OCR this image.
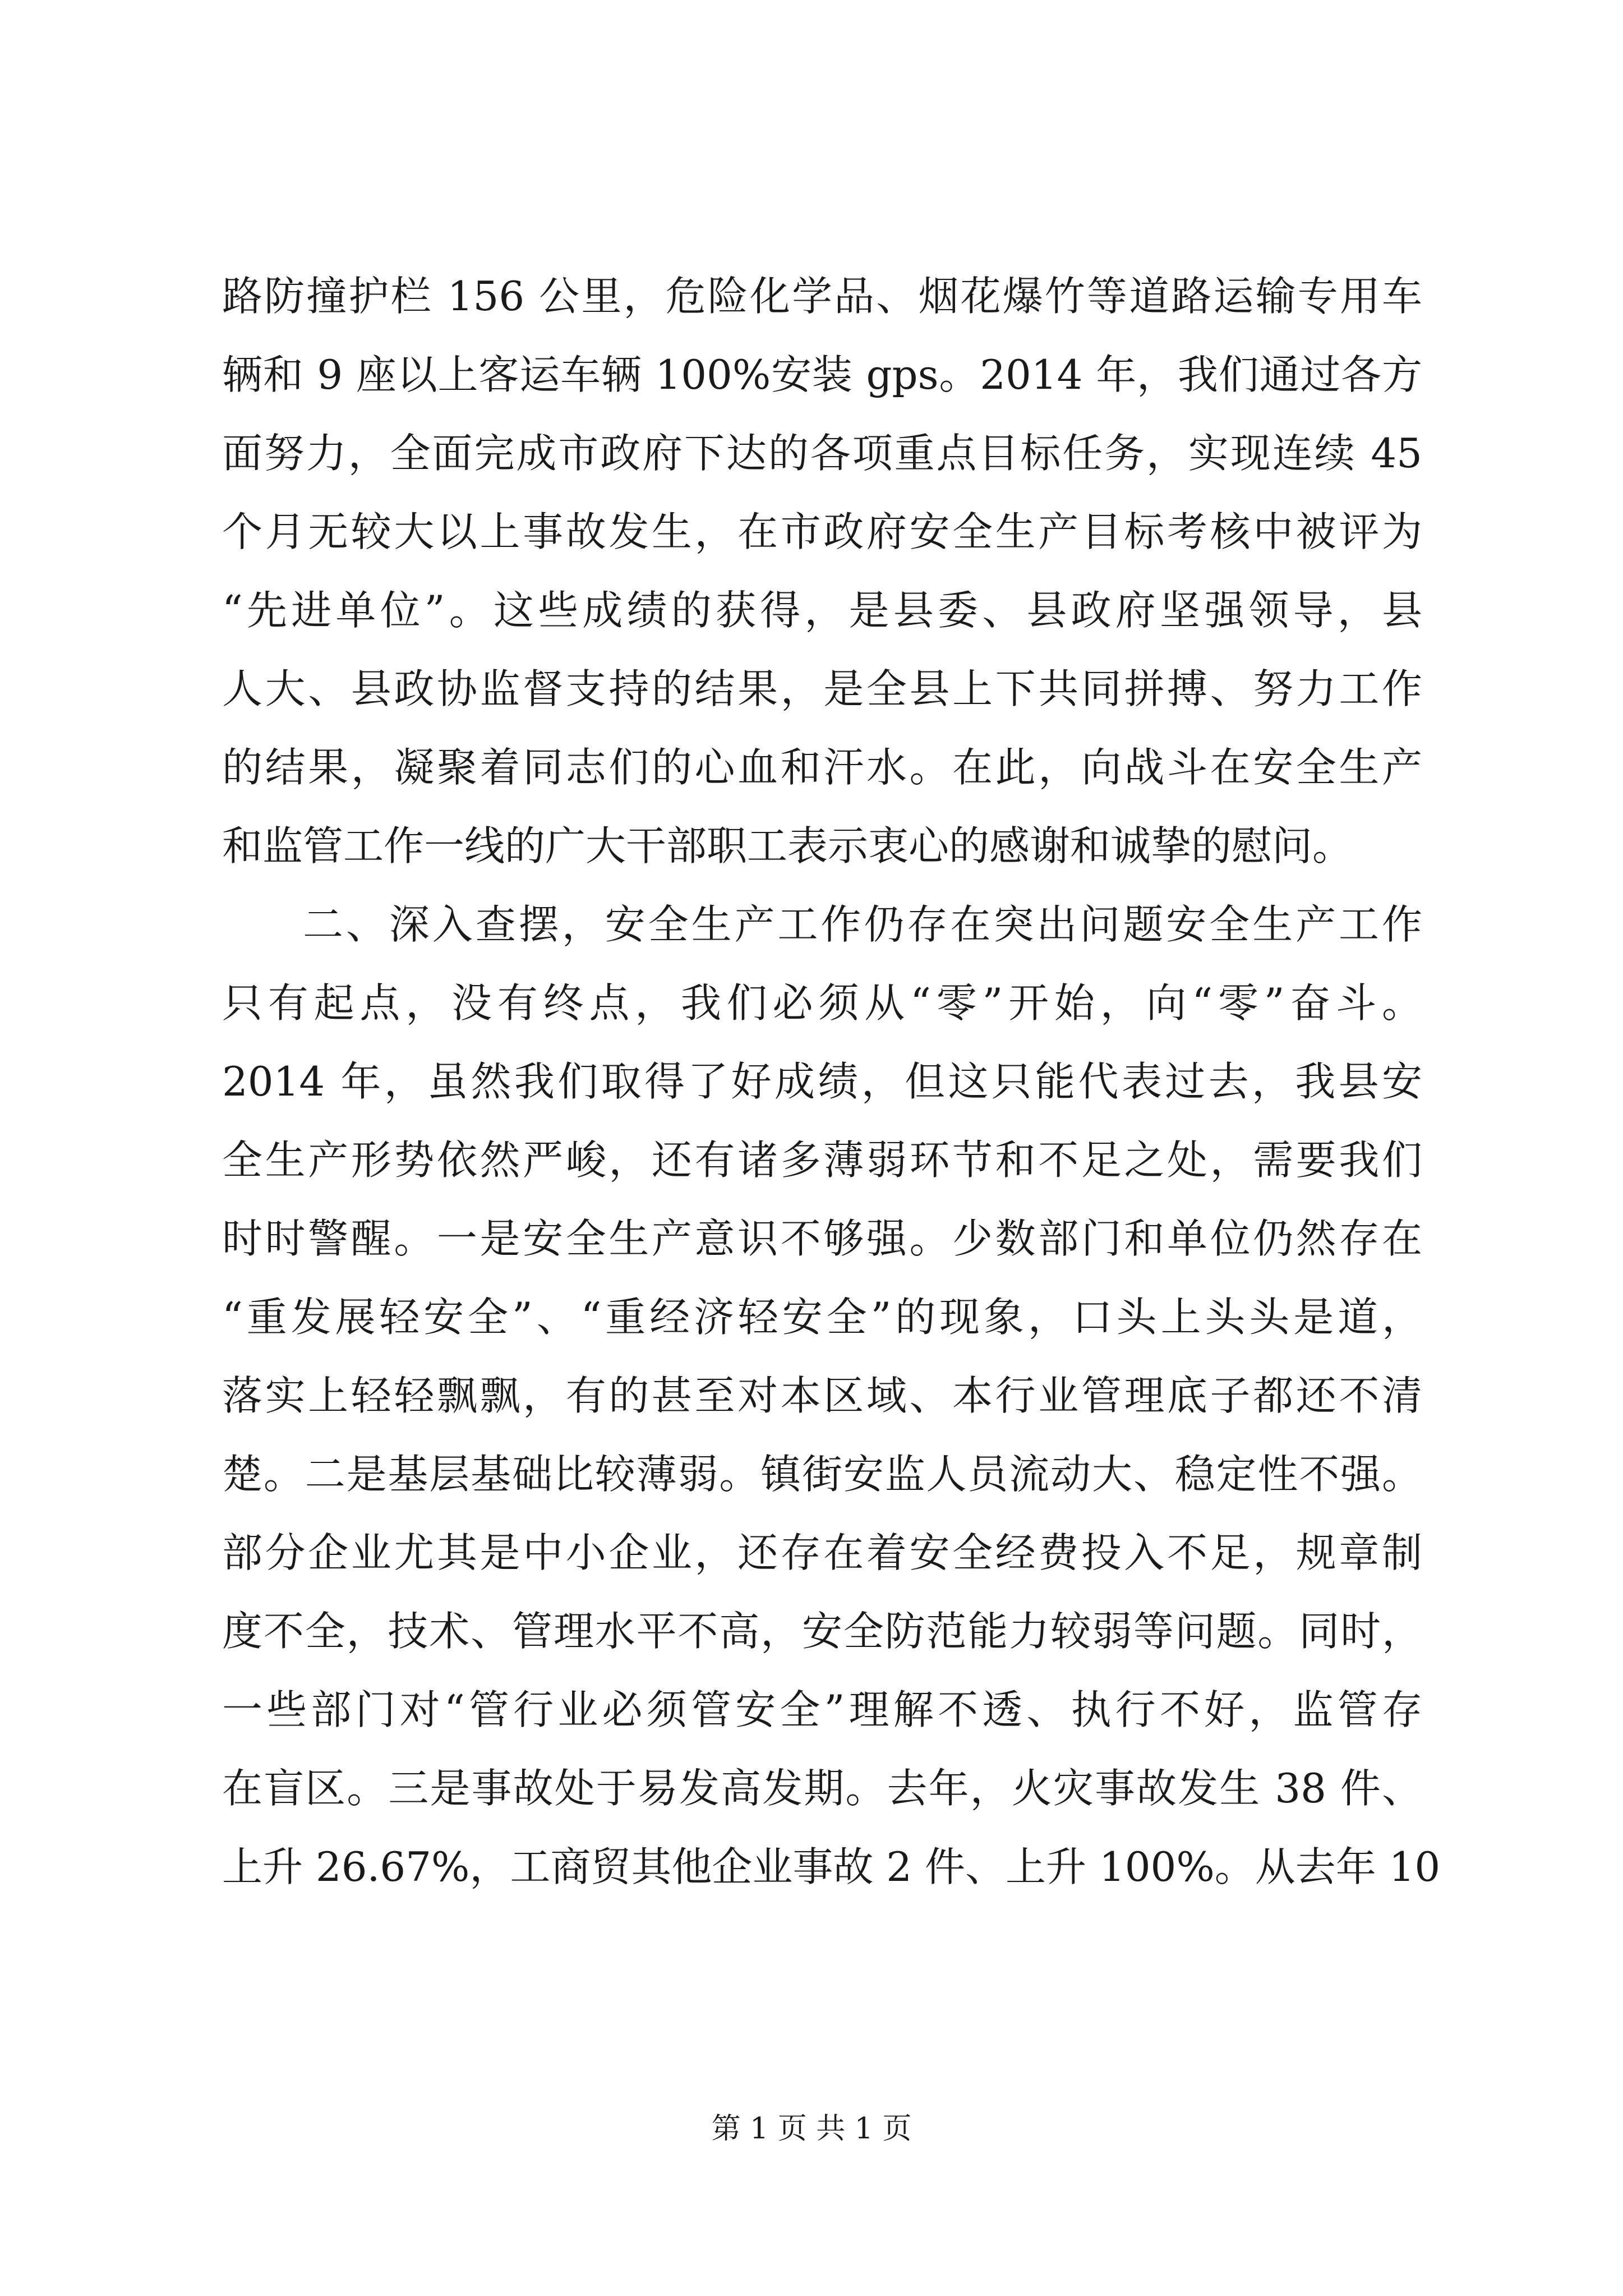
路防撞护栏 156 公里，危险化学品、烟花爆竹等道路运输专用车
辆和 9 座以上客运车辆 100%安装 gps。2014 年，我们通过各方
面努力，全面完成市政府下达的各项重点目标任务，实现连续 45
个月无较大以上事故发生，在市政府安全生产目标考核中被评为
“先进单位”。这些成绩的获得，是县委、县政府坚强领导，县
人大、县政协监督支持的结果，是全县上下共同拼搏、努力工作
的结果，凝聚着同志们的心血和汗水。在此，向战斗在安全生产
和监管工作一线的广大干部职工表示衷心的感谢和诚挚的慰问。
二、深入查摆，安全生产工作仍存在突出问题安全生产工作
只有起点，没有终点，我们必须从“零”开始，向“零”奋斗。
2014 年，虽然我们取得了好成绩，但这只能代表过去，我县安
全生产形势依然严峻，还有诸多薄弱环节和不足之处，需要我们
时时警醒。一是安全生产意识不够强。少数部门和单位仍然存在
“重发展轻安全”、“重经济轻安全”的现象，口头上头头是道，
落实上轻轻飘飘，有的甚至对本区域、本行业管理底子都还不清
楚。二是基层基础比较薄弱。镇街安监人员流动大、稳定性不强。
部分企业尤其是中小企业，还存在着安全经费投入不足，规章制
度不全，技术、管理水平不高，安全防范能力较弱等问题。同时，
一些部门对“管行业必须管安全”理解不透、执行不好，监管存
在盲区。三是事故处于易发高发期。去年，火灾事故发生 38 件、
上升 26.67%，工商贸其他企业事故 2 件、上升 100%。从去年 10
第 1 页 共 1 页
